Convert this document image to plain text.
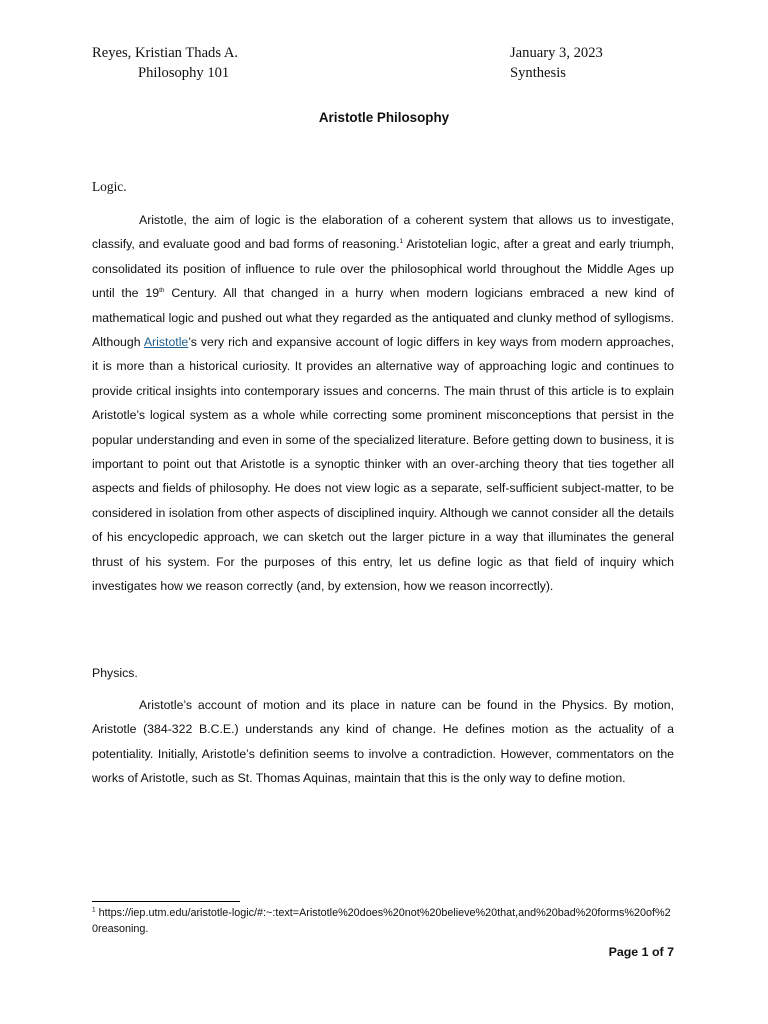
Reyes, Kristian Thads A.
Philosophy 101
January 3, 2023
Synthesis
Aristotle Philosophy
Logic.

Aristotle, the aim of logic is the elaboration of a coherent system that allows us to investigate, classify, and evaluate good and bad forms of reasoning.$^1$ Aristotelian logic, after a great and early triumph, consolidated its position of influence to rule over the philosophical world throughout the Middle Ages up until the 19th Century. All that changed in a hurry when modern logicians embraced a new kind of mathematical logic and pushed out what they regarded as the antiquated and clunky method of syllogisms. Although Aristotle’s very rich and expansive account of logic differs in key ways from modern approaches, it is more than a historical curiosity. It provides an alternative way of approaching logic and continues to provide critical insights into contemporary issues and concerns. The main thrust of this article is to explain Aristotle’s logical system as a whole while correcting some prominent misconceptions that persist in the popular understanding and even in some of the specialized literature. Before getting down to business, it is important to point out that Aristotle is a synoptic thinker with an over-arching theory that ties together all aspects and fields of philosophy. He does not view logic as a separate, self-sufficient subject-matter, to be considered in isolation from other aspects of disciplined inquiry. Although we cannot consider all the details of his encyclopedic approach, we can sketch out the larger picture in a way that illuminates the general thrust of his system. For the purposes of this entry, let us define logic as that field of inquiry which investigates how we reason correctly (and, by extension, how we reason incorrectly).

Physics.

Aristotle’s account of motion and its place in nature can be found in the Physics. By motion, Aristotle (384-322 B.C.E.) understands any kind of change. He defines motion as the actuality of a potentiality. Initially, Aristotle’s definition seems to involve a contradiction. However, commentators on the works of Aristotle, such as St. Thomas Aquinas, maintain that this is the only way to define motion.

$^1$ https://iep.utm.edu/aristotle-logic/#:~:text=Aristotle%20does%20not%20believe%20that,and%20bad%20forms%20of%20reasoning.

Page 1 of 7
